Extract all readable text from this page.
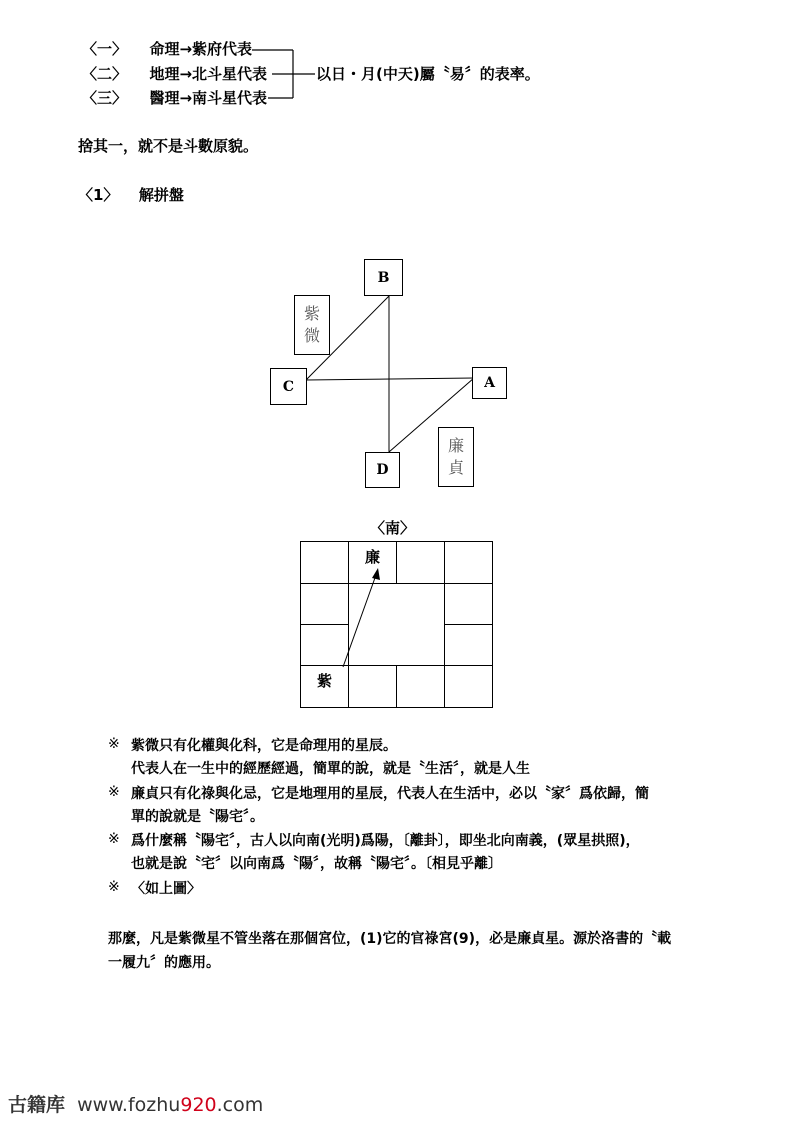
〈一〉 命理→紫府代表
〈二〉 地理→北斗星代表
〈三〉 醫理→南斗星代表
以日・月(中天)屬〝易〞的表率。
捨其一，就不是斗數原貌。
〈1〉 解拼盤
B
C	A
D
紫
微
廉
貞
〈南〉
廉
紫
※ 紫微只有化權與化科，它是命理用的星辰。
代表人在一生中的經歷經過，簡單的說，就是〝生活〞，就是人生
※ 廉貞只有化祿與化忌，它是地理用的星辰，代表人在生活中，必以〝家〞爲依歸，簡
單的說就是〝陽宅〞。
※ 爲什麼稱〝陽宅〞，古人以向南(光明)爲陽，〔離卦〕，即坐北向南義，(眾星拱照)，
也就是說〝宅〞以向南爲〝陽〞，故稱〝陽宅〞。〔相見乎離〕
※ 〈如上圖〉
那麼，凡是紫微星不管坐落在那個宮位，(1)它的官祿宮(9)，必是廉貞星。源於洛書的〝載
一履九〞的應用。
古籍库 www.fozhu920.com
